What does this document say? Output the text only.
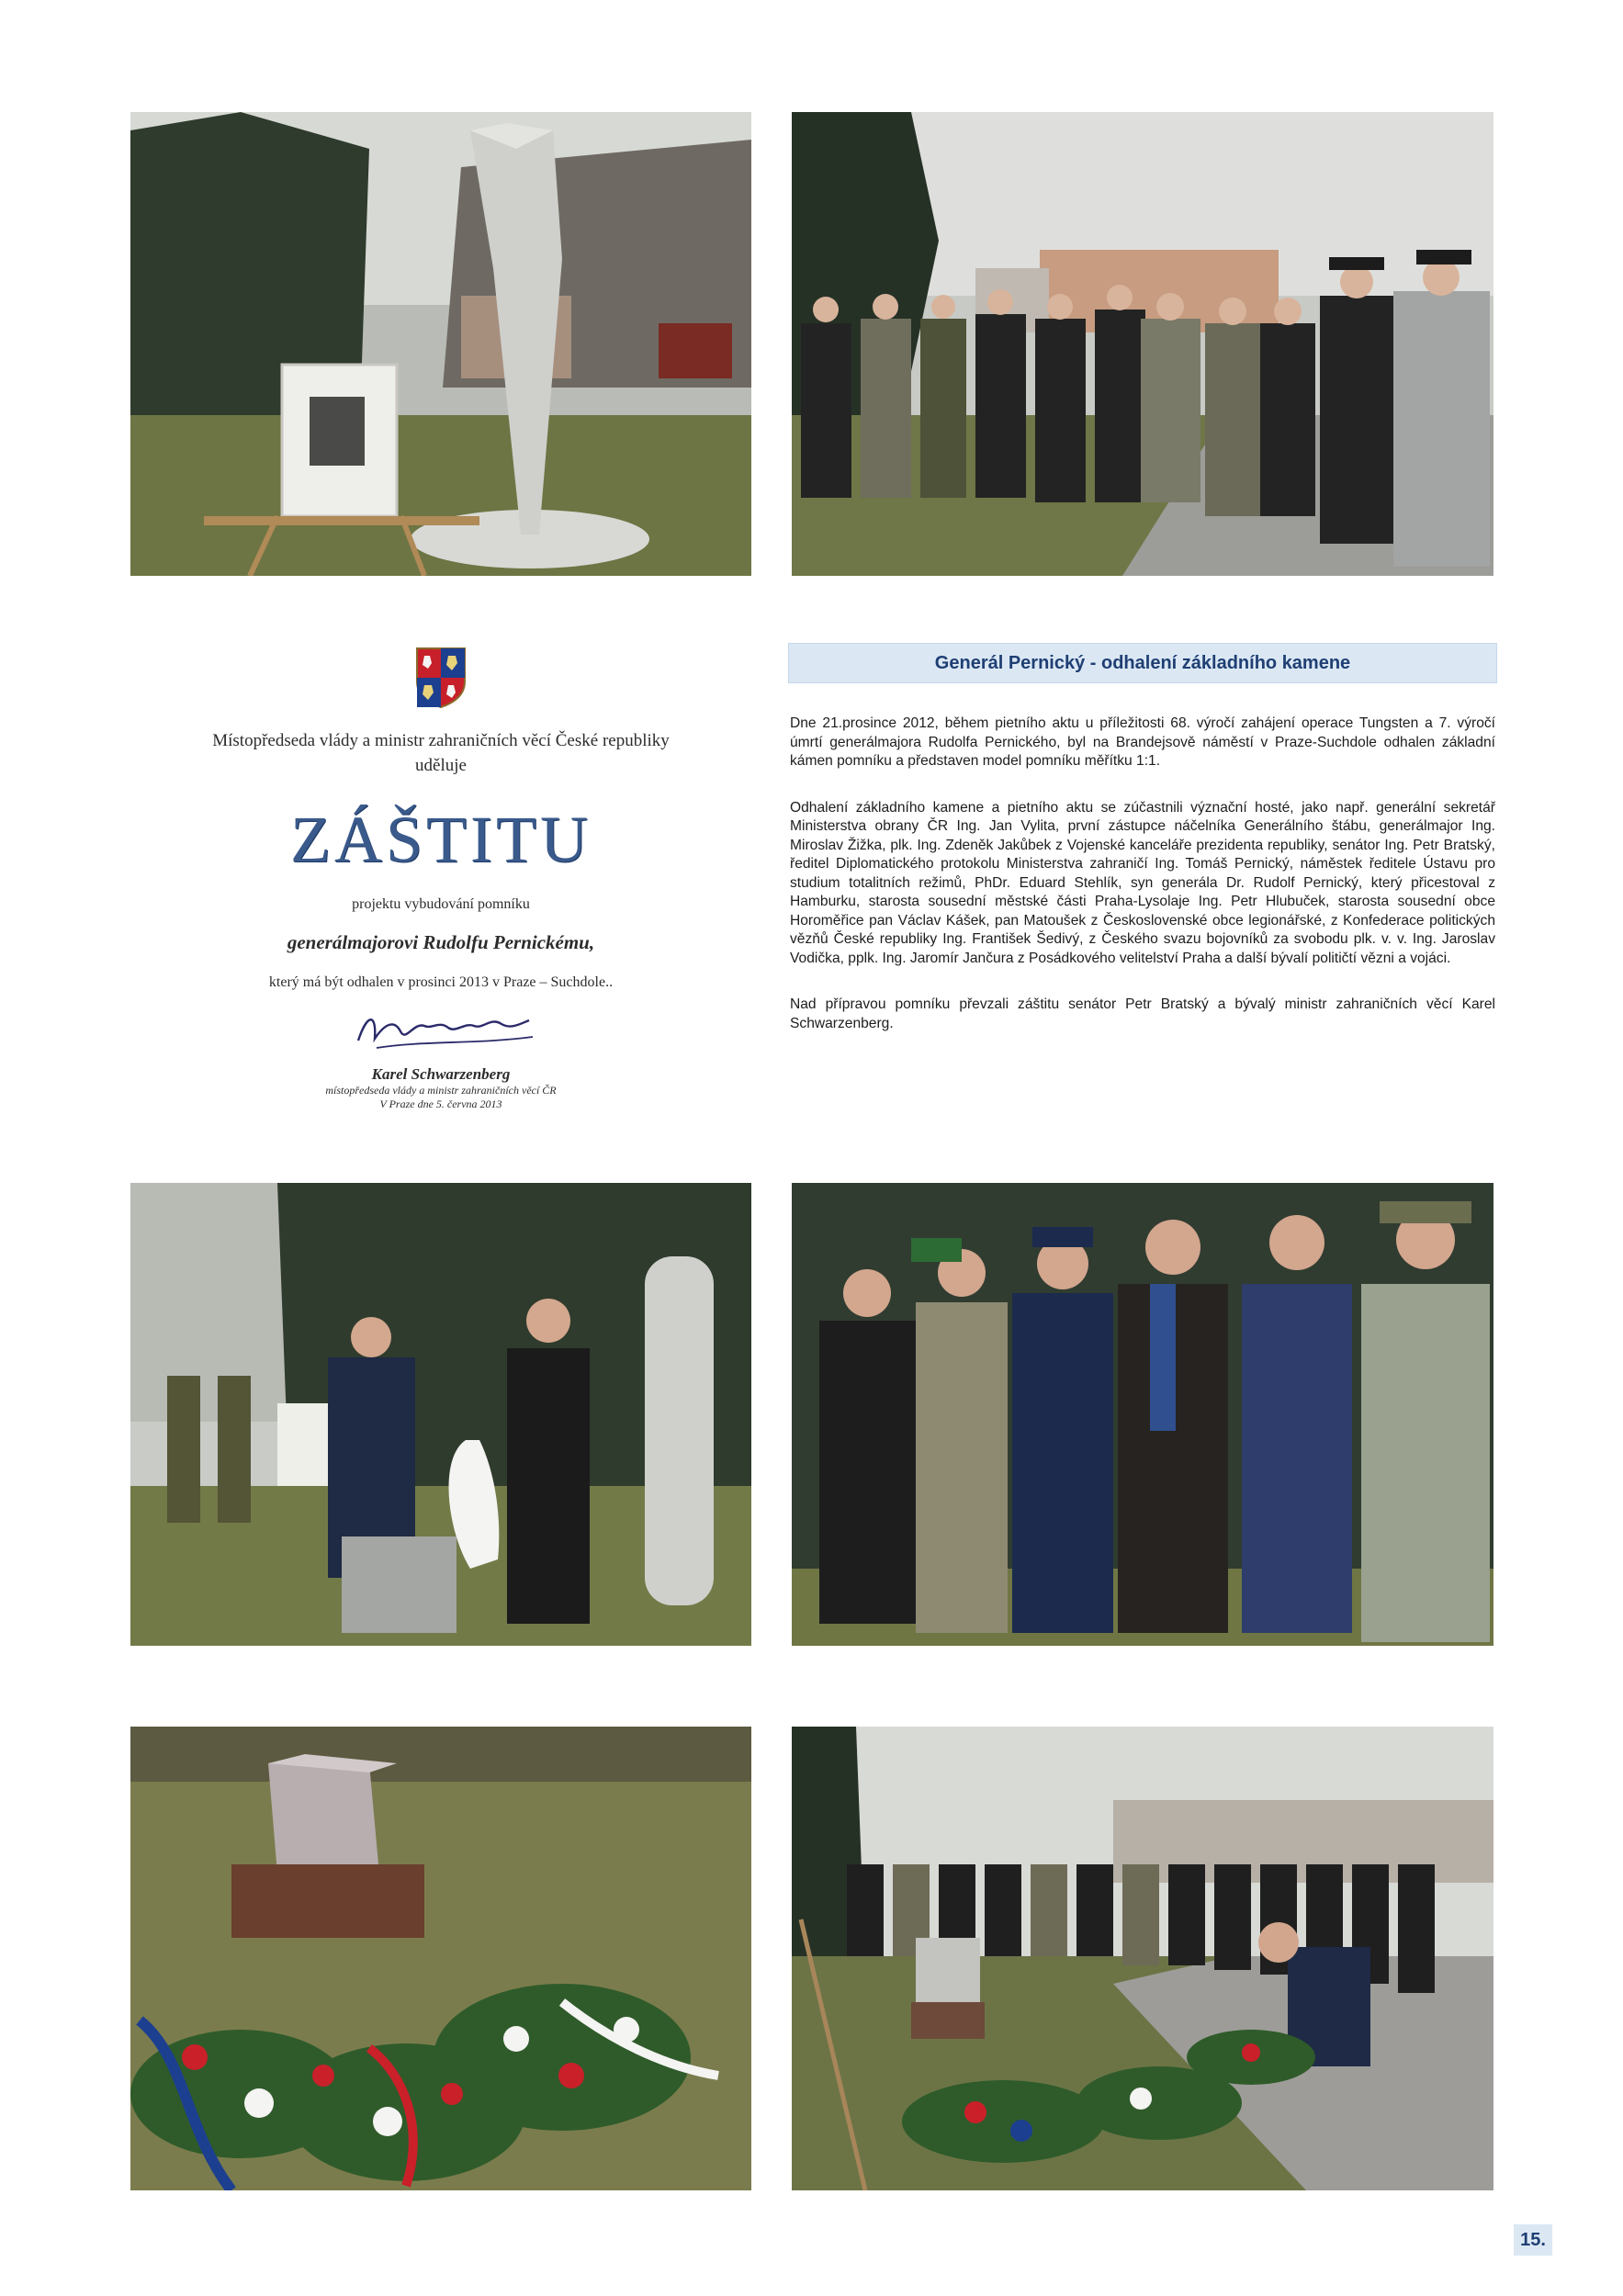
Místopředseda vlády a ministr zahraničních věcí České republiky
uděluje
ZÁŠTITU
projektu vybudování pomníku
generálmajorovi Rudolfu Pernickému,
který má být odhalen v prosinci 2013 v Praze – Suchdole..
Karel Schwarzenberg
místopředseda vlády a ministr zahraničních věcí ČR
V Praze dne 5. června 2013
Generál Pernický - odhalení základního kamene

Dne 21.prosince 2012, během pietního aktu u příležitosti 68. výročí zahájení operace Tungsten a 7. výročí úmrtí generálmajora Rudolfa Pernického, byl na Brandejsově náměstí v Praze-Suchdole odhalen základní kámen pomníku a představen model pomníku měřítku 1:1.

Odhalení základního kamene a pietního aktu se zúčastnili význační hosté, jako např. generální sekretář Ministerstva obrany ČR Ing. Jan Vylita, první zástupce náčelníka Generálního štábu, generálmajor Ing. Miroslav Žižka, plk. Ing. Zdeněk Jakůbek z Vojenské kanceláře prezidenta republiky, senátor Ing. Petr Bratský, ředitel Diplomatického protokolu Ministerstva zahraničí Ing. Tomáš Pernický, náměstek ředitele Ústavu pro studium totalitních režimů, PhDr. Eduard Stehlík, syn generála Dr. Rudolf Pernický, který přicestoval z Hamburku, starosta sousední městské části Praha-Lysolaje Ing. Petr Hlubuček, starosta sousední obce Horoměřice pan Václav Kášek, pan Matoušek z Československé obce legionářské, z Konfederace politických vězňů České republiky Ing. František Šedivý, z Českého svazu bojovníků za svobodu plk. v. v. Ing. Jaroslav Vodička, pplk. Ing. Jaromír Jančura z Posádkového velitelství Praha a další bývalí političtí vězni a vojáci.

Nad přípravou pomníku převzali záštitu senátor Petr Bratský a bývalý ministr zahraničních věcí Karel Schwarzenberg.

15.
